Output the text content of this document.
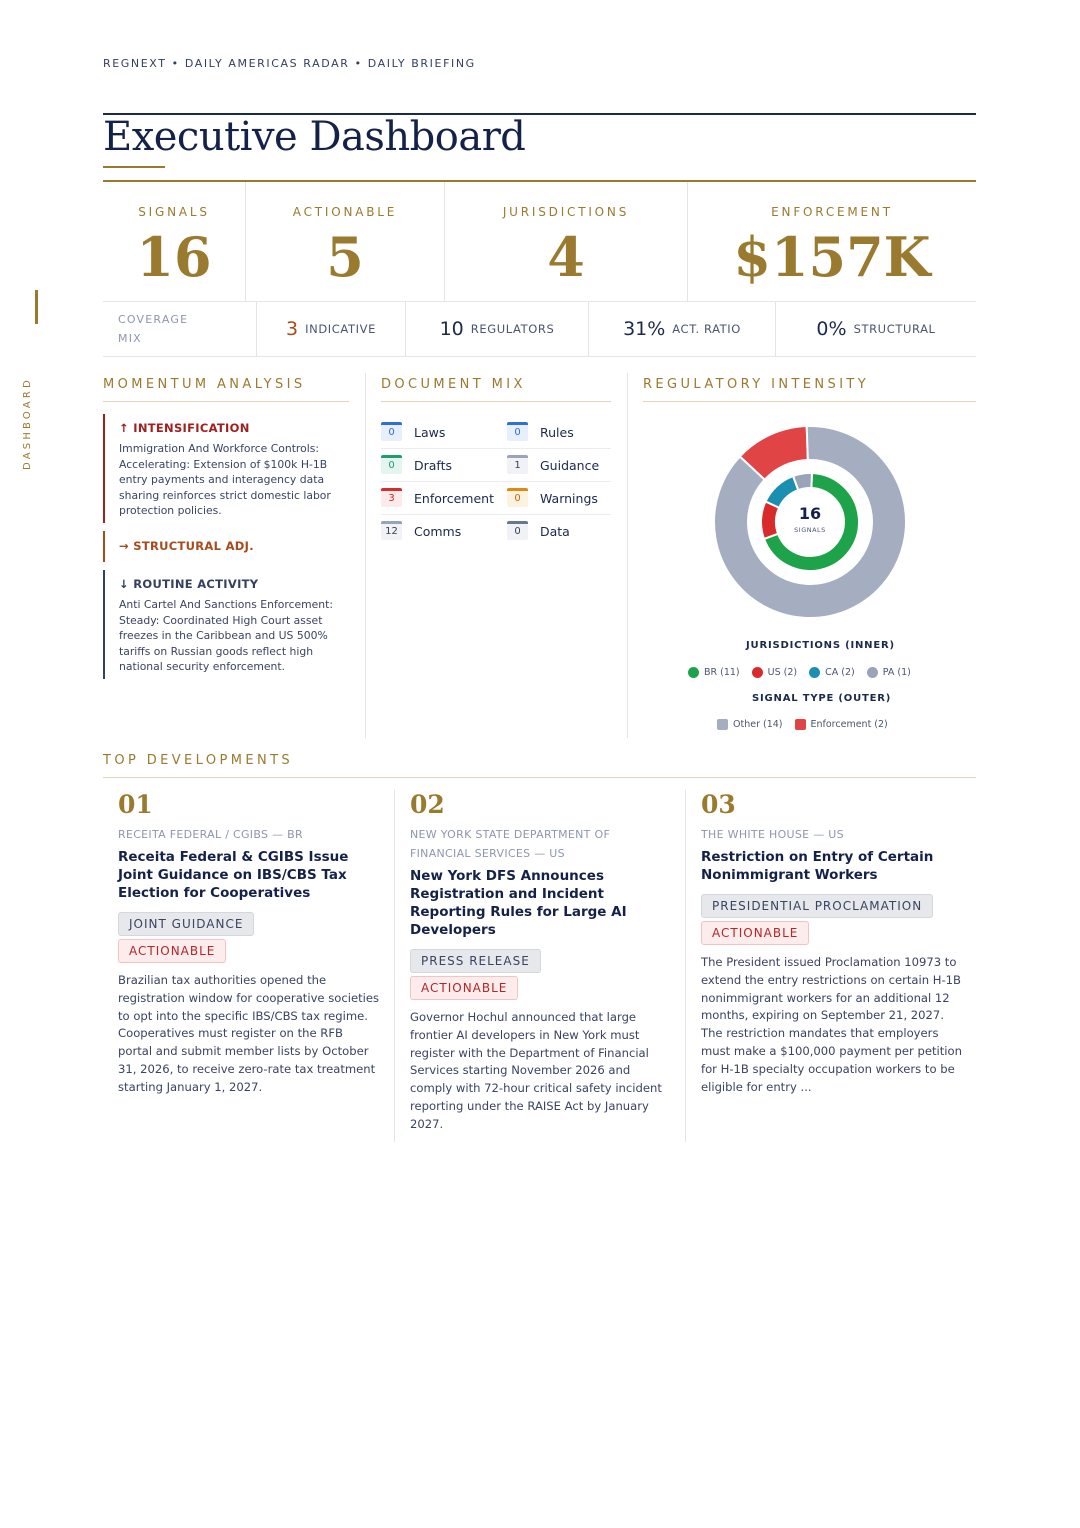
DASHBOARD
REGNEXT • DAILY AMERICAS RADAR • DAILY BRIEFING
Executive Dashboard
SIGNALS
16
ACTIONABLE
5
JURISDICTIONS
4
ENFORCEMENT
$157K
COVERAGE
MIX	3 INDICATIVE	10 REGULATORS	31% ACT. RATIO	0% STRUCTURAL
MOMENTUM ANALYSIS
↑ INTENSIFICATION
Immigration And Workforce Controls: Accelerating: Extension of $100k H-1B entry payments and interagency data sharing reinforces strict domestic labor protection policies.
→ STRUCTURAL ADJ.
↓ ROUTINE ACTIVITY
Anti Cartel And Sanctions Enforcement: Steady: Coordinated High Court asset freezes in the Caribbean and US 500% tariffs on Russian goods reflect high national security enforcement.
DOCUMENT MIX
0	Laws	0	Rules
0	Drafts	1	Guidance
3	Enforcement	0	Warnings
12	Comms	0	Data
REGULATORY INTENSITY
16
SIGNALS
JURISDICTIONS (INNER)
BR (11)	US (2)	CA (2)	PA (1)
SIGNAL TYPE (OUTER)
Other (14)	Enforcement (2)
TOP DEVELOPMENTS
01
RECEITA FEDERAL / CGIBS — BR
Receita Federal & CGIBS Issue Joint Guidance on IBS/CBS Tax Election for Cooperatives
JOINT GUIDANCE
ACTIONABLE
Brazilian tax authorities opened the registration window for cooperative societies to opt into the specific IBS/CBS tax regime. Cooperatives must register on the RFB portal and submit member lists by October 31, 2026, to receive zero-rate tax treatment starting January 1, 2027.
02
NEW YORK STATE DEPARTMENT OF FINANCIAL SERVICES — US
New York DFS Announces Registration and Incident Reporting Rules for Large AI Developers
PRESS RELEASE
ACTIONABLE
Governor Hochul announced that large frontier AI developers in New York must register with the Department of Financial Services starting November 2026 and comply with 72-hour critical safety incident reporting under the RAISE Act by January 2027.
03
THE WHITE HOUSE — US
Restriction on Entry of Certain Nonimmigrant Workers
PRESIDENTIAL PROCLAMATION
ACTIONABLE
The President issued Proclamation 10973 to extend the entry restrictions on certain H-1B nonimmigrant workers for an additional 12 months, expiring on September 21, 2027. The restriction mandates that employers must make a $100,000 payment per petition for H-1B specialty occupation workers to be eligible for entry ...
